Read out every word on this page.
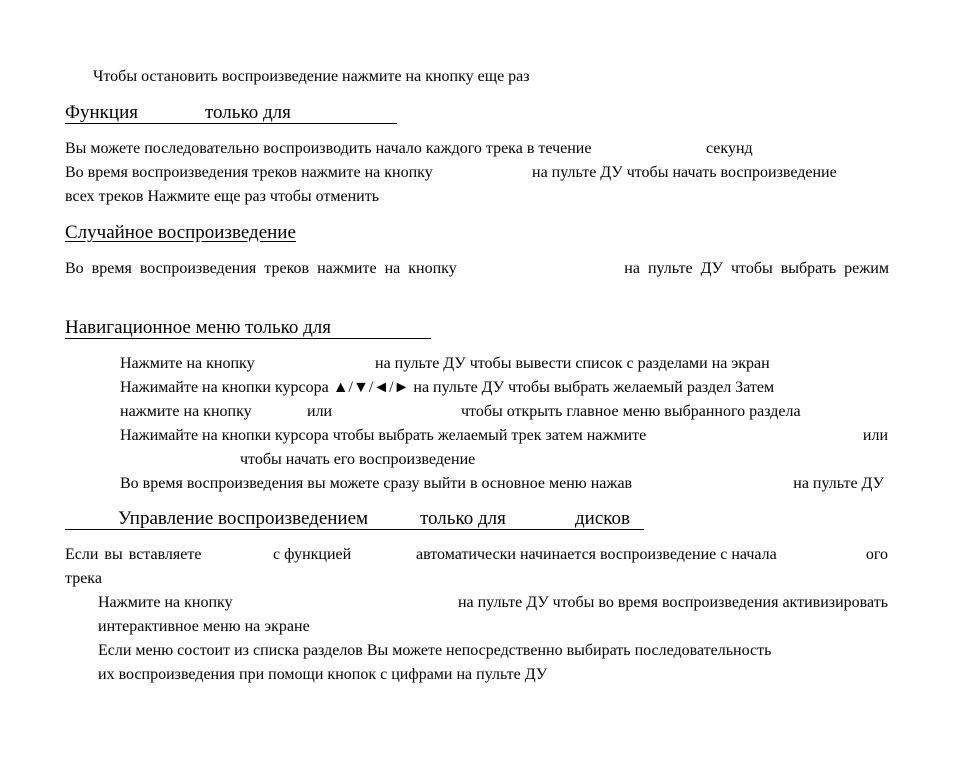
Чтобы остановить воспроизведение нажмите на кнопку еще раз
Функция	только для
Вы можете последовательно воспроизводить начало каждого трека в течение	секунд
Во время воспроизведения треков нажмите на кнопку	на пульте ДУ чтобы начать воспроизведение
всех треков Нажмите еще раз чтобы отменить
Случайное воспроизведение
Во время воспроизведения треков нажмите на кнопку	на пульте ДУ чтобы выбрать режим
Навигационное меню только для
Нажмите на кнопку	на пульте ДУ чтобы вывести список с разделами на экран
Нажимайте на кнопки курсора ▲/▼/◄/► на пульте ДУ чтобы выбрать желаемый раздел Затем
нажмите на кнопку	или	чтобы открыть главное меню выбранного раздела
Нажимайте на кнопки курсора чтобы выбрать желаемый трек затем нажмите	или
чтобы начать его воспроизведение
Во время воспроизведения вы можете сразу выйти в основное меню нажав	на пульте ДУ
Управление воспроизведением	только для	дисков
Если вы вставляете	с функцией	автоматически начинается воспроизведение с начала	ого
трека
Нажмите на кнопку	на пульте ДУ чтобы во время воспроизведения активизировать
интерактивное меню на экране
Если меню состоит из списка разделов Вы можете непосредственно выбирать последовательность
их воспроизведения при помощи кнопок с цифрами на пульте ДУ
